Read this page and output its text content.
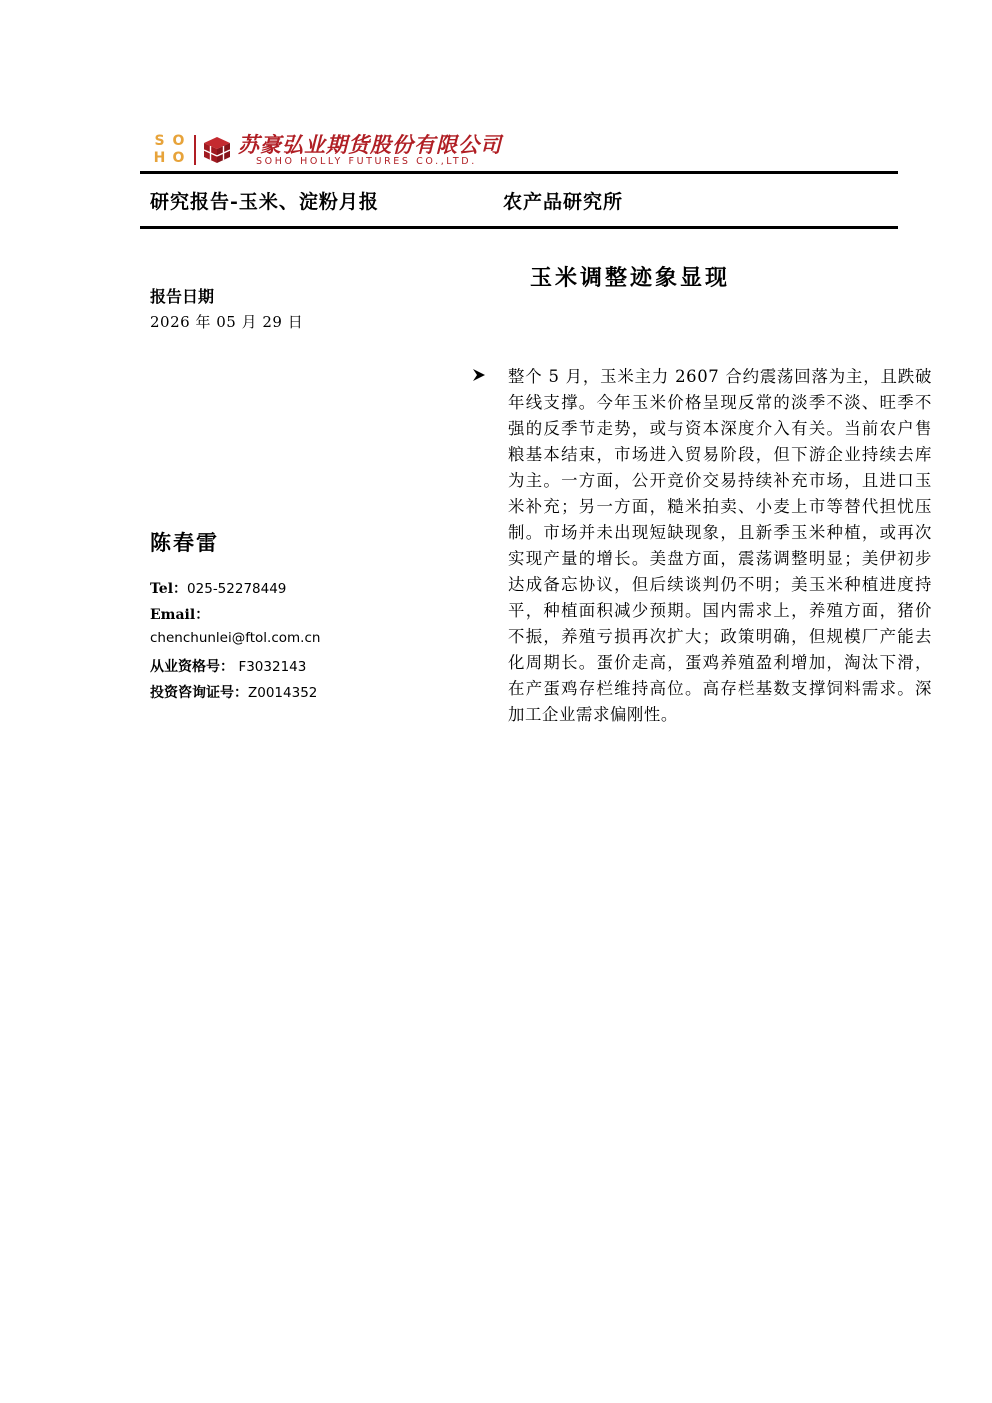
S O
H O
苏豪弘业期货股份有限公司
SOHO HOLLY FUTURES CO.,LTD.
研究报告-玉米、淀粉月报	农产品研究所
玉米调整迹象显现
报告日期
2026 年 05 月 29 日
陈春雷
Tel：025-52278449
Email：
chenchunlei@ftol.com.cn
从业资格号： F3032143
投资咨询证号：Z0014352

整个 5 月，玉米主力 2607 合约震荡回落为主，且跌破年线支撑。今年玉米价格呈现反常的淡季不淡、旺季不强的反季节走势，或与资本深度介入有关。当前农户售粮基本结束，市场进入贸易阶段，但下游企业持续去库为主。一方面，公开竞价交易持续补充市场，且进口玉米补充；另一方面，糙米拍卖、小麦上市等替代担忧压制。市场并未出现短缺现象，且新季玉米种植，或再次实现产量的增长。美盘方面，震荡调整明显；美伊初步达成备忘协议，但后续谈判仍不明；美玉米种植进度持平，种植面积减少预期。国内需求上，养殖方面，猪价不振，养殖亏损再次扩大；政策明确，但规模厂产能去化周期长。蛋价走高，蛋鸡养殖盈利增加，淘汰下滑，在产蛋鸡存栏维持高位。高存栏基数支撑饲料需求。深加工企业需求偏刚性。
